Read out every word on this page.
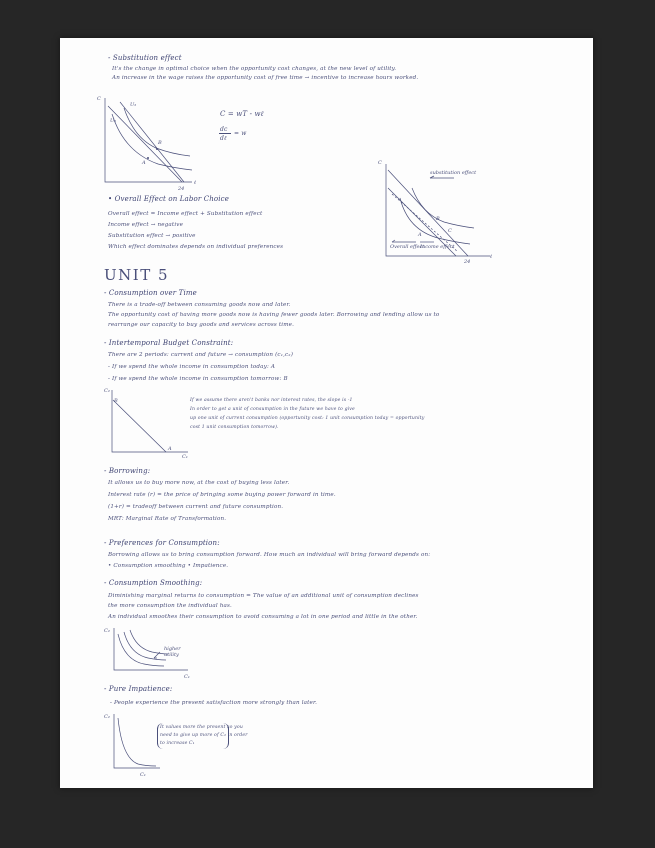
- Substitution effect
It's the change in optimal choice when the opportunity cost changes, at the new level of utility.
An increase in the wage raises the opportunity cost of free time → incentive to increase hours worked.
C
U₂
U₁
A
B
24
ℓ
C = wT - wℓ
dc
dℓ
= w
• Overall Effect on Labor Choice
Overall effect = Income effect + Substitution effect
Income effect → negative
Substitution effect → positive
Which effect dominates depends on individual preferences
C
substitution effect
B
C
A
Overall effect
Income effect
24
ℓ
UNIT 5
- Consumption over Time
There is a trade-off between consuming goods now and later.
The opportunity cost of having more goods now is having fewer goods later. Borrowing and lending allow us to
rearrange our capacity to buy goods and services across time.
- Intertemporal Budget Constraint:
There are 2 periods: current and future → consumption (c₁,c₂)
- If we spend the whole income in consumption today: A
- If we spend the whole income in consumption tomorrow: B
C₂
B
A
C₁
If we assume there aren't banks nor interest rates, the slope is -1
In order to get a unit of consumption in the future we have to give
up one unit of current consumption (opportunity cost: 1 unit consumption today = opportunity
cost 1 unit consumption tomorrow).
- Borrowing:
It allows us to buy more now, at the cost of buying less later.
Interest rate (r) = the price of bringing some buying power forward in time.
(1+r) = tradeoff between current and future consumption.
MRT: Marginal Rate of Transformation.
- Preferences for Consumption:
Borrowing allows us to bring consumption forward. How much an individual will bring forward depends on:
• Consumption smoothing • Impatience.
- Consumption Smoothing:
Diminishing marginal returns to consumption = The value of an additional unit of consumption declines
the more consumption the individual has.
An individual smoothes their consumption to avoid consuming a lot in one period and little in the other.
C₂
higher
utility
C₁
- Pure Impatience:
- People experience the present satisfaction more strongly than later.
C₂
C₁
It values more the present so you
need to give up more of C₂ in order
to increase C₁
